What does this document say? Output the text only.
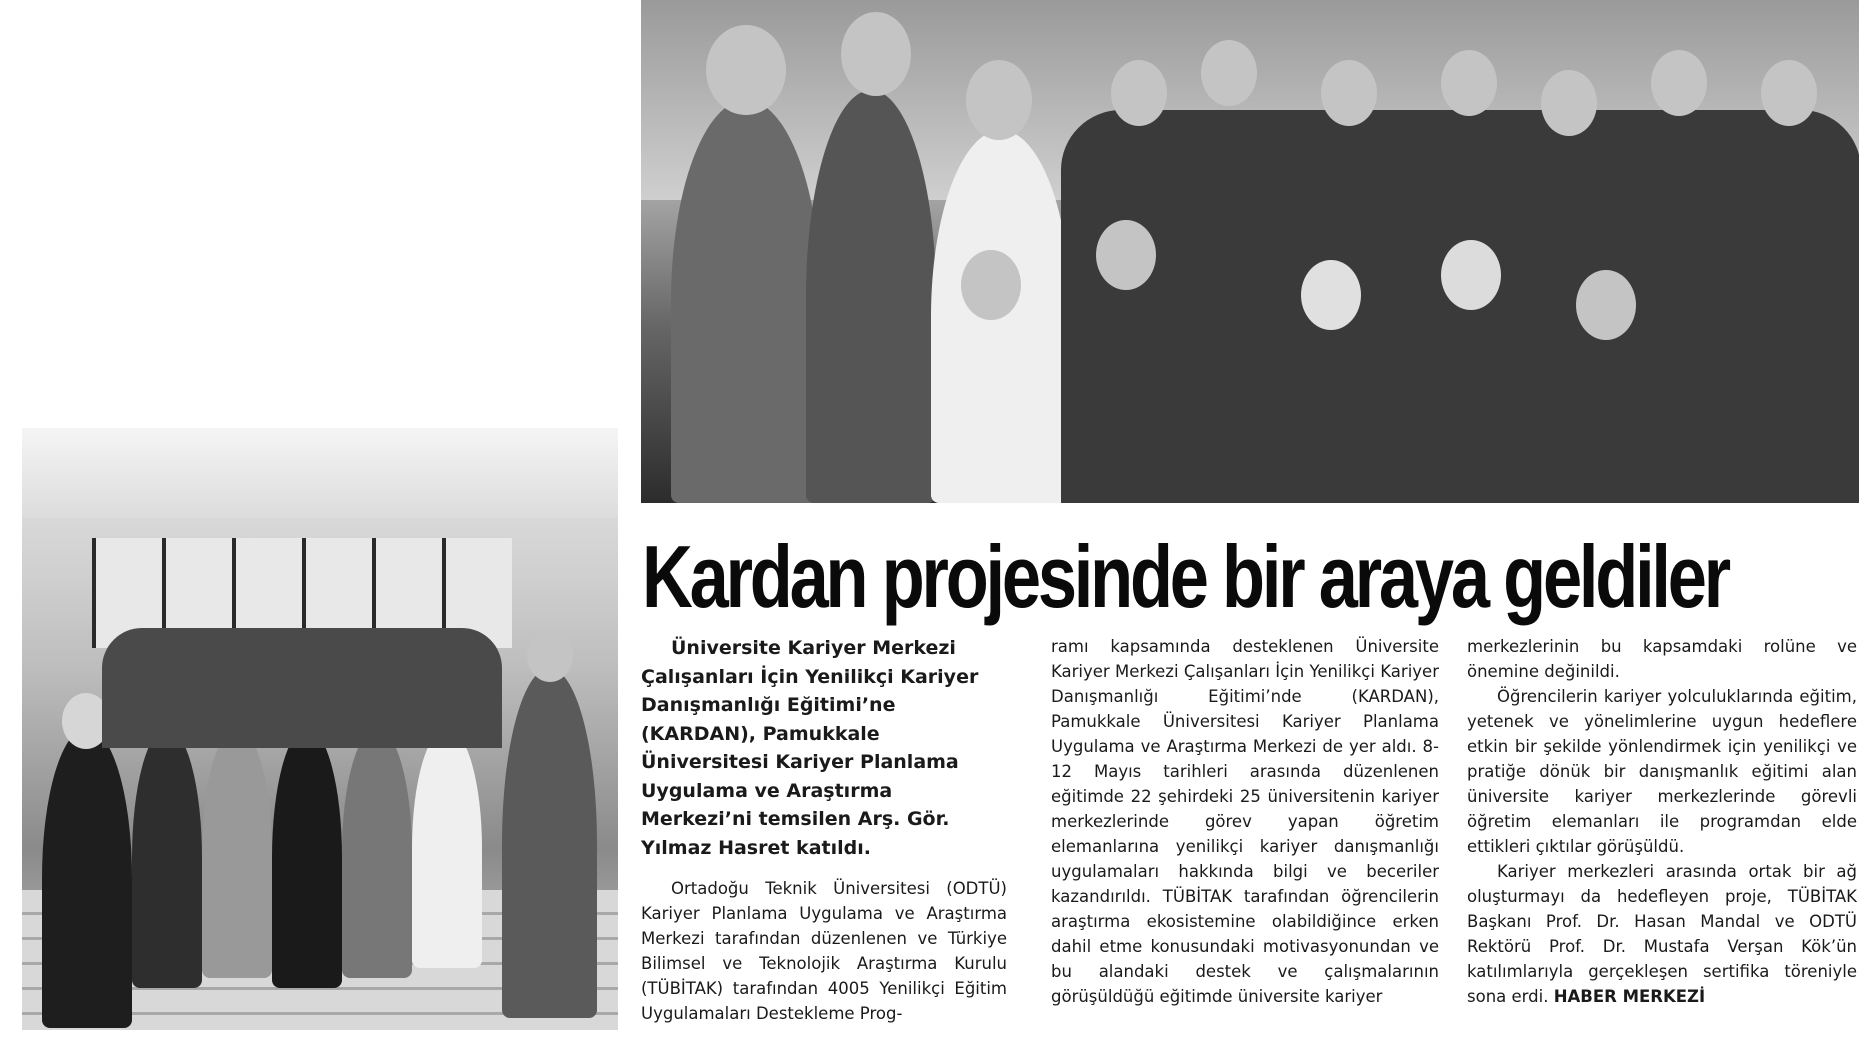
Kardan projesinde bir araya geldiler

Üniversite Kariyer Merkezi Çalışanları İçin Yenilikçi Kariyer Danışmanlığı Eğitimi’ne (KARDAN), Pamukkale Üniversitesi Kariyer Planlama Uygulama ve Araştırma Merkezi’ni temsilen Arş. Gör. Yılmaz Hasret katıldı.

Ortadoğu Teknik Üniversitesi (ODTÜ) Kariyer Planlama Uygulama ve Araştırma Merkezi tarafından düzenlenen ve Türkiye Bilimsel ve Teknolojik Araştırma Kurulu (TÜBİTAK) tarafından 4005 Yenilikçi Eğitim Uygulamaları Destekleme Prog-

ramı kapsamında desteklenen Üniversite Kariyer Merkezi Çalışanları İçin Yenilikçi Kariyer Danışmanlığı Eğitimi’nde (KARDAN), Pamukkale Üniversitesi Kariyer Planlama Uygulama ve Araştırma Merkezi de yer aldı. 8-12 Mayıs tarihleri arasında düzenlenen eğitimde 22 şehirdeki 25 üniversitenin kariyer merkezlerinde görev yapan öğretim elemanlarına yenilikçi kariyer danışmanlığı uygulamaları hakkında bilgi ve beceriler kazandırıldı. TÜBİTAK tarafından öğrencilerin araştırma ekosistemine olabildiğince erken dahil etme konusundaki motivasyonundan ve bu alandaki destek ve çalışmalarının görüşüldüğü eğitimde üniversite kariyer

merkezlerinin bu kapsamdaki rolüne ve önemine değinildi.

Öğrencilerin kariyer yolculuklarında eğitim, yetenek ve yönelimlerine uygun hedeflere etkin bir şekilde yönlendirmek için yenilikçi ve pratiğe dönük bir danışmanlık eğitimi alan üniversite kariyer merkezlerinde görevli öğretim elemanları ile programdan elde ettikleri çıktılar görüşüldü.

Kariyer merkezleri arasında ortak bir ağ oluşturmayı da hedefleyen proje, TÜBİTAK Başkanı Prof. Dr. Hasan Mandal ve ODTÜ Rektörü Prof. Dr. Mustafa Verşan Kök’ün katılımlarıyla gerçekleşen sertifika töreniyle sona erdi. HABER MERKEZİ
